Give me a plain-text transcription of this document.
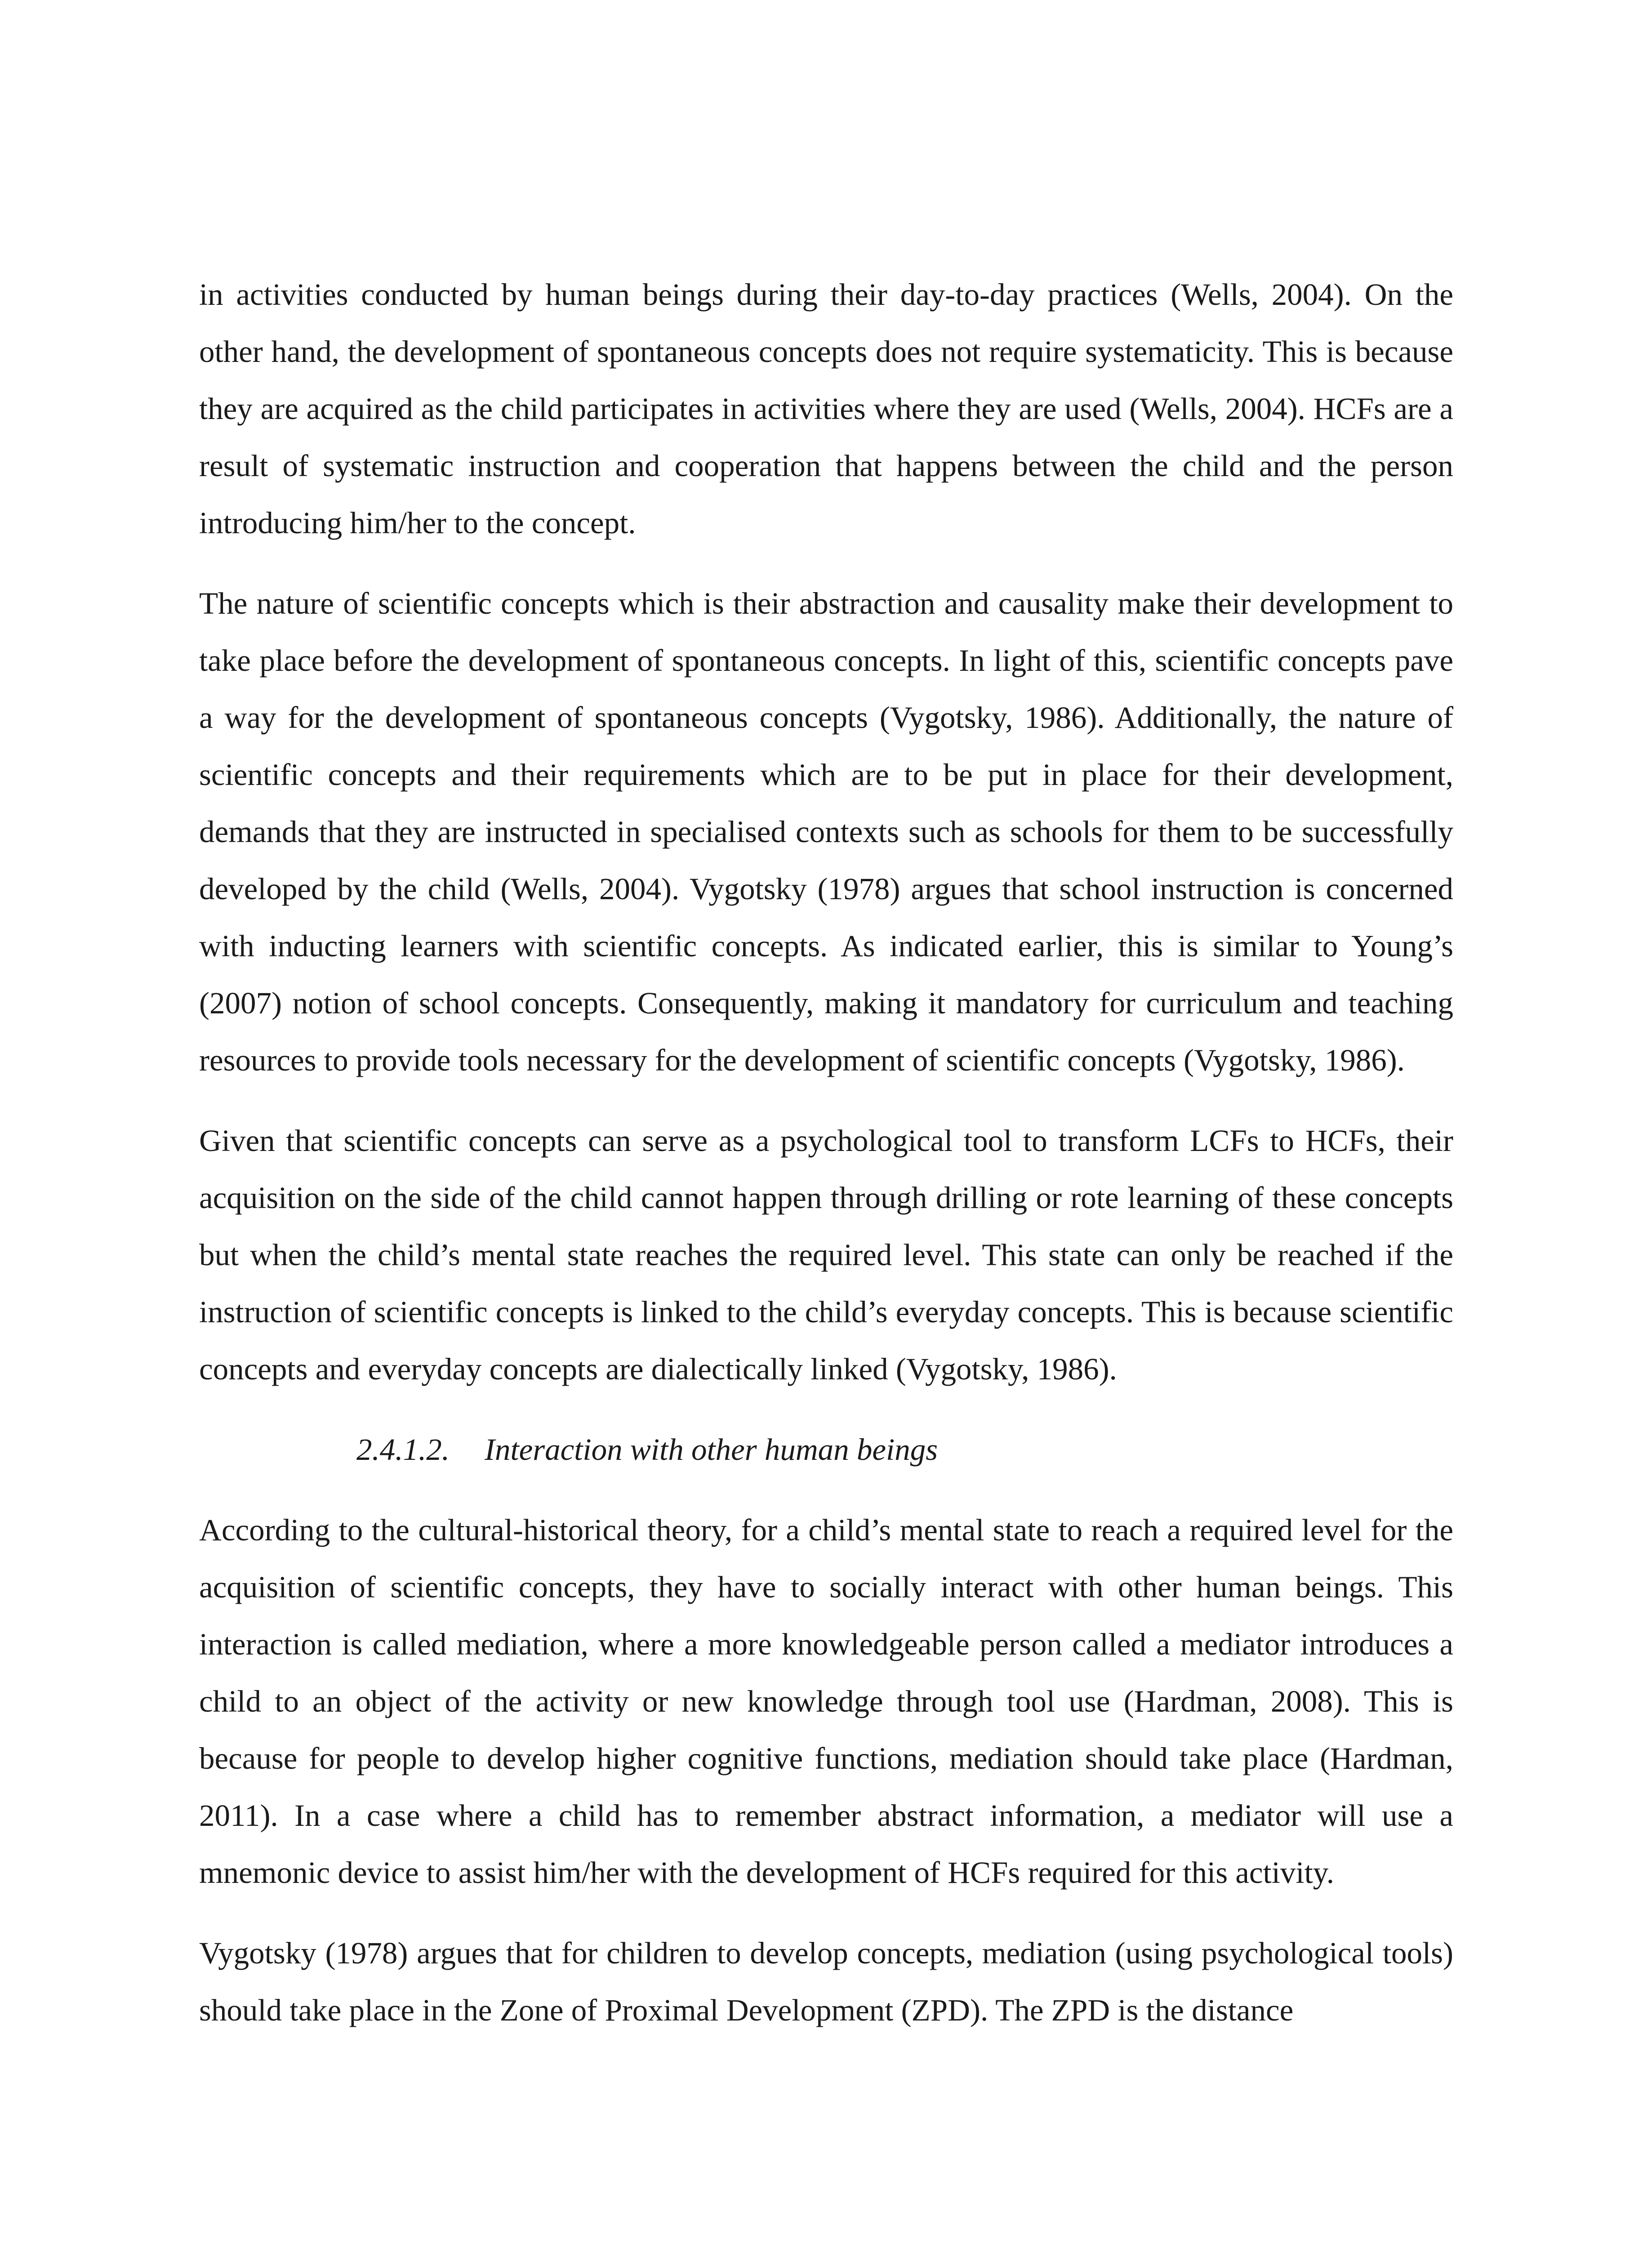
in activities conducted by human beings during their day-to-day practices (Wells, 2004). On the other hand, the development of spontaneous concepts does not require systematicity. This is because they are acquired as the child participates in activities where they are used (Wells, 2004). HCFs are a result of systematic instruction and cooperation that happens between the child and the person introducing him/her to the concept.

The nature of scientific concepts which is their abstraction and causality make their development to take place before the development of spontaneous concepts. In light of this, scientific concepts pave a way for the development of spontaneous concepts (Vygotsky, 1986). Additionally, the nature of scientific concepts and their requirements which are to be put in place for their development, demands that they are instructed in specialised contexts such as schools for them to be successfully developed by the child (Wells, 2004). Vygotsky (1978) argues that school instruction is concerned with inducting learners with scientific concepts. As indicated earlier, this is similar to Young’s (2007) notion of school concepts. Consequently, making it mandatory for curriculum and teaching resources to provide tools necessary for the development of scientific concepts (Vygotsky, 1986).

Given that scientific concepts can serve as a psychological tool to transform LCFs to HCFs, their acquisition on the side of the child cannot happen through drilling or rote learning of these concepts but when the child’s mental state reaches the required level. This state can only be reached if the instruction of scientific concepts is linked to the child’s everyday concepts. This is because scientific concepts and everyday concepts are dialectically linked (Vygotsky, 1986).

2.4.1.2. Interaction with other human beings

According to the cultural-historical theory, for a child’s mental state to reach a required level for the acquisition of scientific concepts, they have to socially interact with other human beings. This interaction is called mediation, where a more knowledgeable person called a mediator introduces a child to an object of the activity or new knowledge through tool use (Hardman, 2008). This is because for people to develop higher cognitive functions, mediation should take place (Hardman, 2011). In a case where a child has to remember abstract information, a mediator will use a mnemonic device to assist him/her with the development of HCFs required for this activity.

Vygotsky (1978) argues that for children to develop concepts, mediation (using psychological tools) should take place in the Zone of Proximal Development (ZPD). The ZPD is the distance
